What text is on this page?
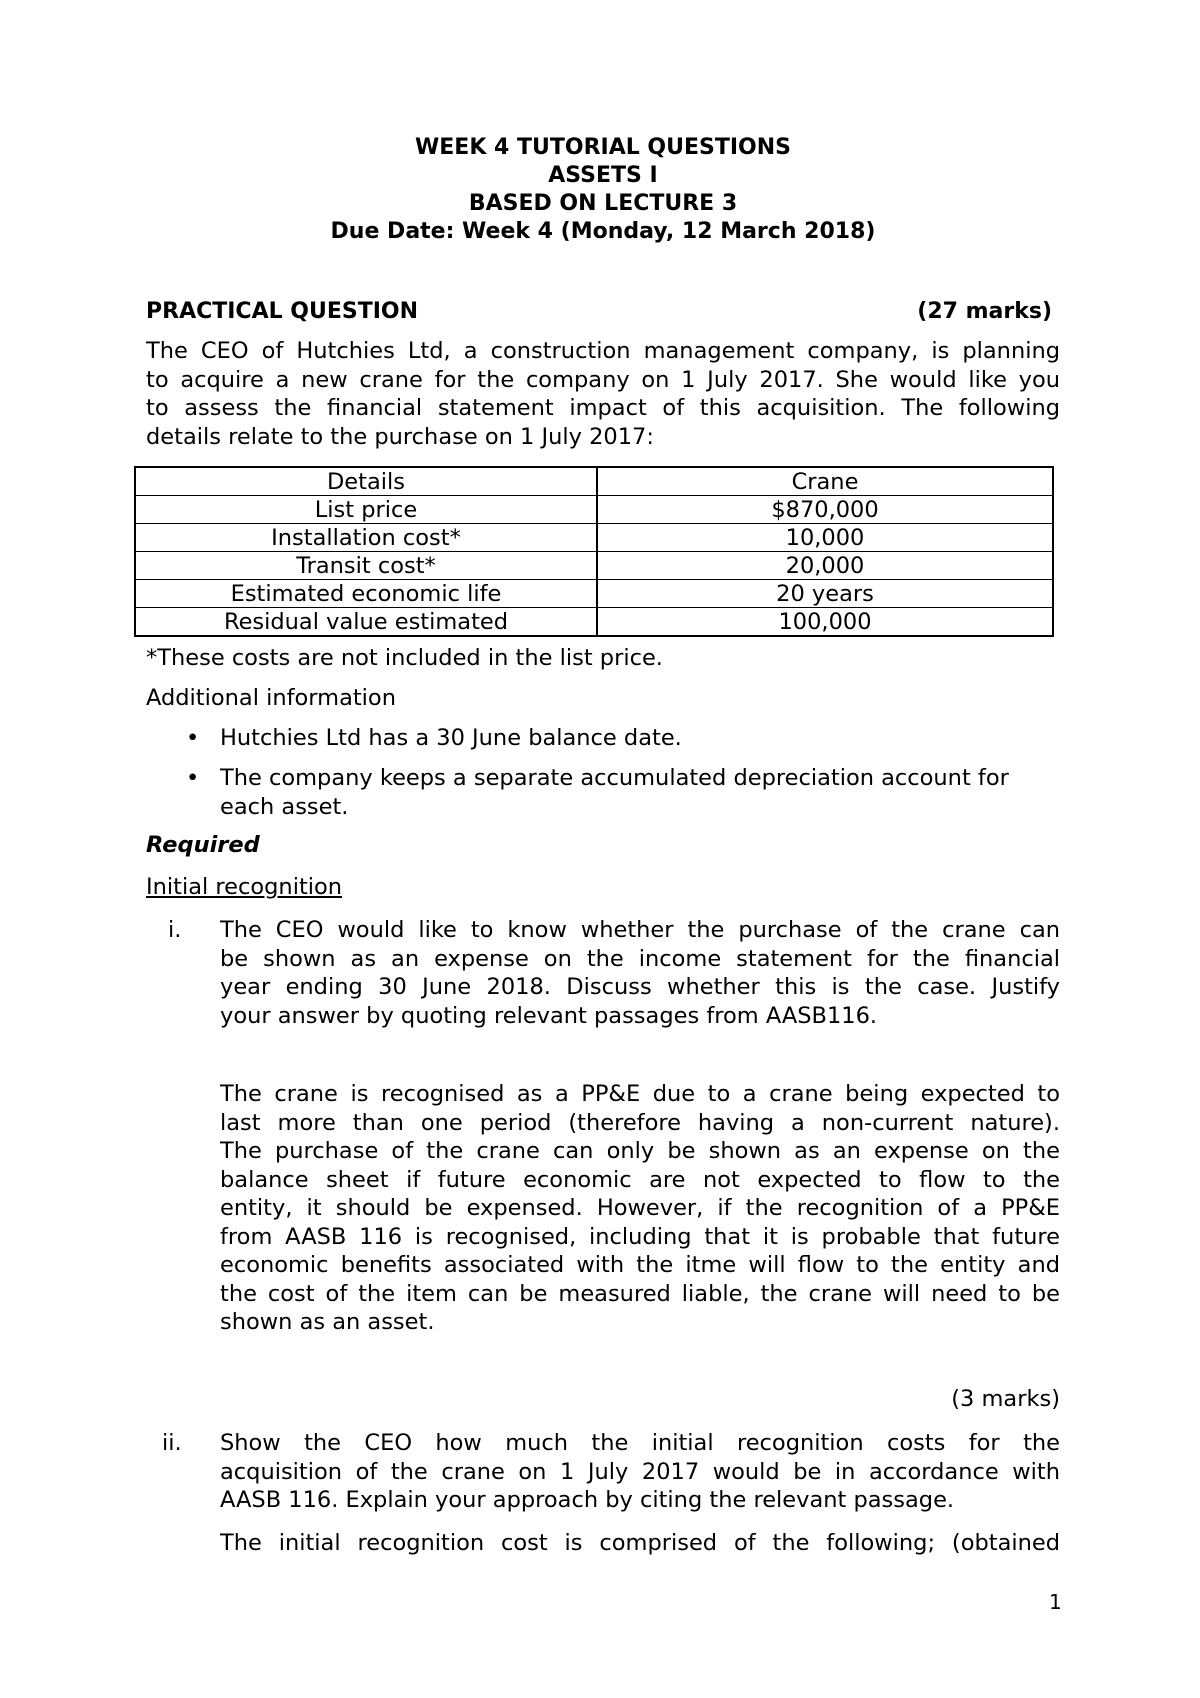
WEEK 4 TUTORIAL QUESTIONS
ASSETS I
BASED ON LECTURE 3
Due Date: Week 4 (Monday, 12 March 2018)
PRACTICAL QUESTION	(27 marks)
The CEO of Hutchies Ltd, a construction management company, is planning
to acquire a new crane for the company on 1 July 2017. She would like you
to assess the financial statement impact of this acquisition. The following
details relate to the purchase on 1 July 2017:
Details	Crane
List price	$870,000
Installation cost*	10,000
Transit cost*	20,000
Estimated economic life	20 years
Residual value estimated	100,000
*These costs are not included in the list price.
Additional information
• Hutchies Ltd has a 30 June balance date.
• The company keeps a separate accumulated depreciation account for
each asset.
Required
Initial recognition
i. The CEO would like to know whether the purchase of the crane can
be shown as an expense on the income statement for the financial
year ending 30 June 2018. Discuss whether this is the case. Justify
your answer by quoting relevant passages from AASB116.
The crane is recognised as a PP&E due to a crane being expected to
last more than one period (therefore having a non-current nature).
The purchase of the crane can only be shown as an expense on the
balance sheet if future economic are not expected to flow to the
entity, it should be expensed. However, if the recognition of a PP&E
from AASB 116 is recognised, including that it is probable that future
economic benefits associated with the itme will flow to the entity and
the cost of the item can be measured liable, the crane will need to be
shown as an asset.
(3 marks)
ii. Show the CEO how much the initial recognition costs for the
acquisition of the crane on 1 July 2017 would be in accordance with
AASB 116. Explain your approach by citing the relevant passage.
The initial recognition cost is comprised of the following; (obtained
1
